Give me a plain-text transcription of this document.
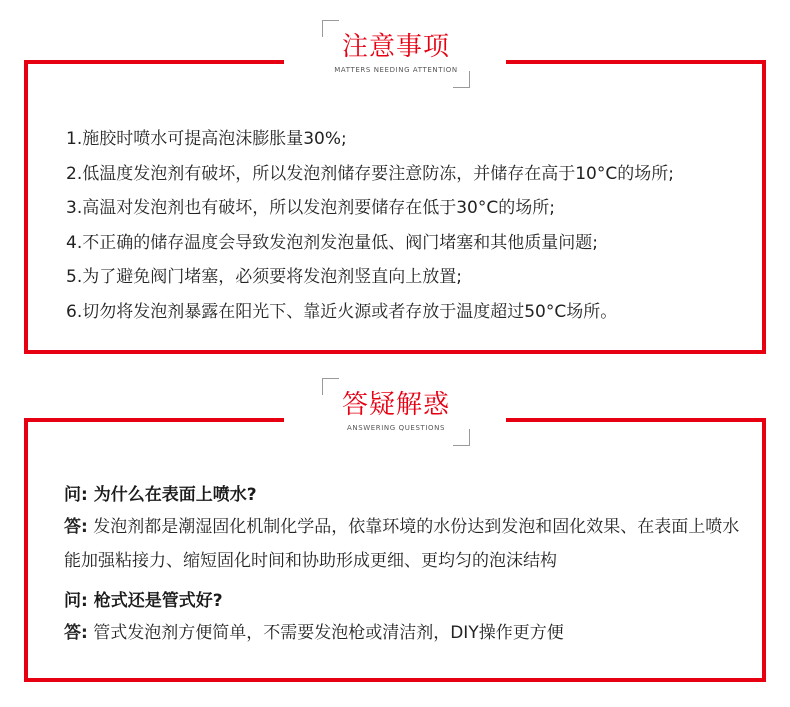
注意事项
MATTERS NEEDING ATTENTION
1.施胶时喷水可提高泡沫膨胀量30%;
2.低温度发泡剂有破坏，所以发泡剂储存要注意防冻，并储存在高于10°C的场所;
3.高温对发泡剂也有破坏，所以发泡剂要储存在低于30°C的场所;
4.不正确的储存温度会导致发泡剂发泡量低、阀门堵塞和其他质量问题;
5.为了避免阀门堵塞，必须要将发泡剂竖直向上放置;
6.切勿将发泡剂暴露在阳光下、靠近火源或者存放于温度超过50°C场所。
答疑解惑
ANSWERING QUESTIONS
问: 为什么在表面上喷水?
答: 发泡剂都是潮湿固化机制化学品，依靠环境的水份达到发泡和固化效果、在表面上喷水能加强粘接力、缩短固化时间和协助形成更细、更均匀的泡沫结构
问: 枪式还是管式好?
答: 管式发泡剂方便简单，不需要发泡枪或清洁剂，DIY操作更方便
